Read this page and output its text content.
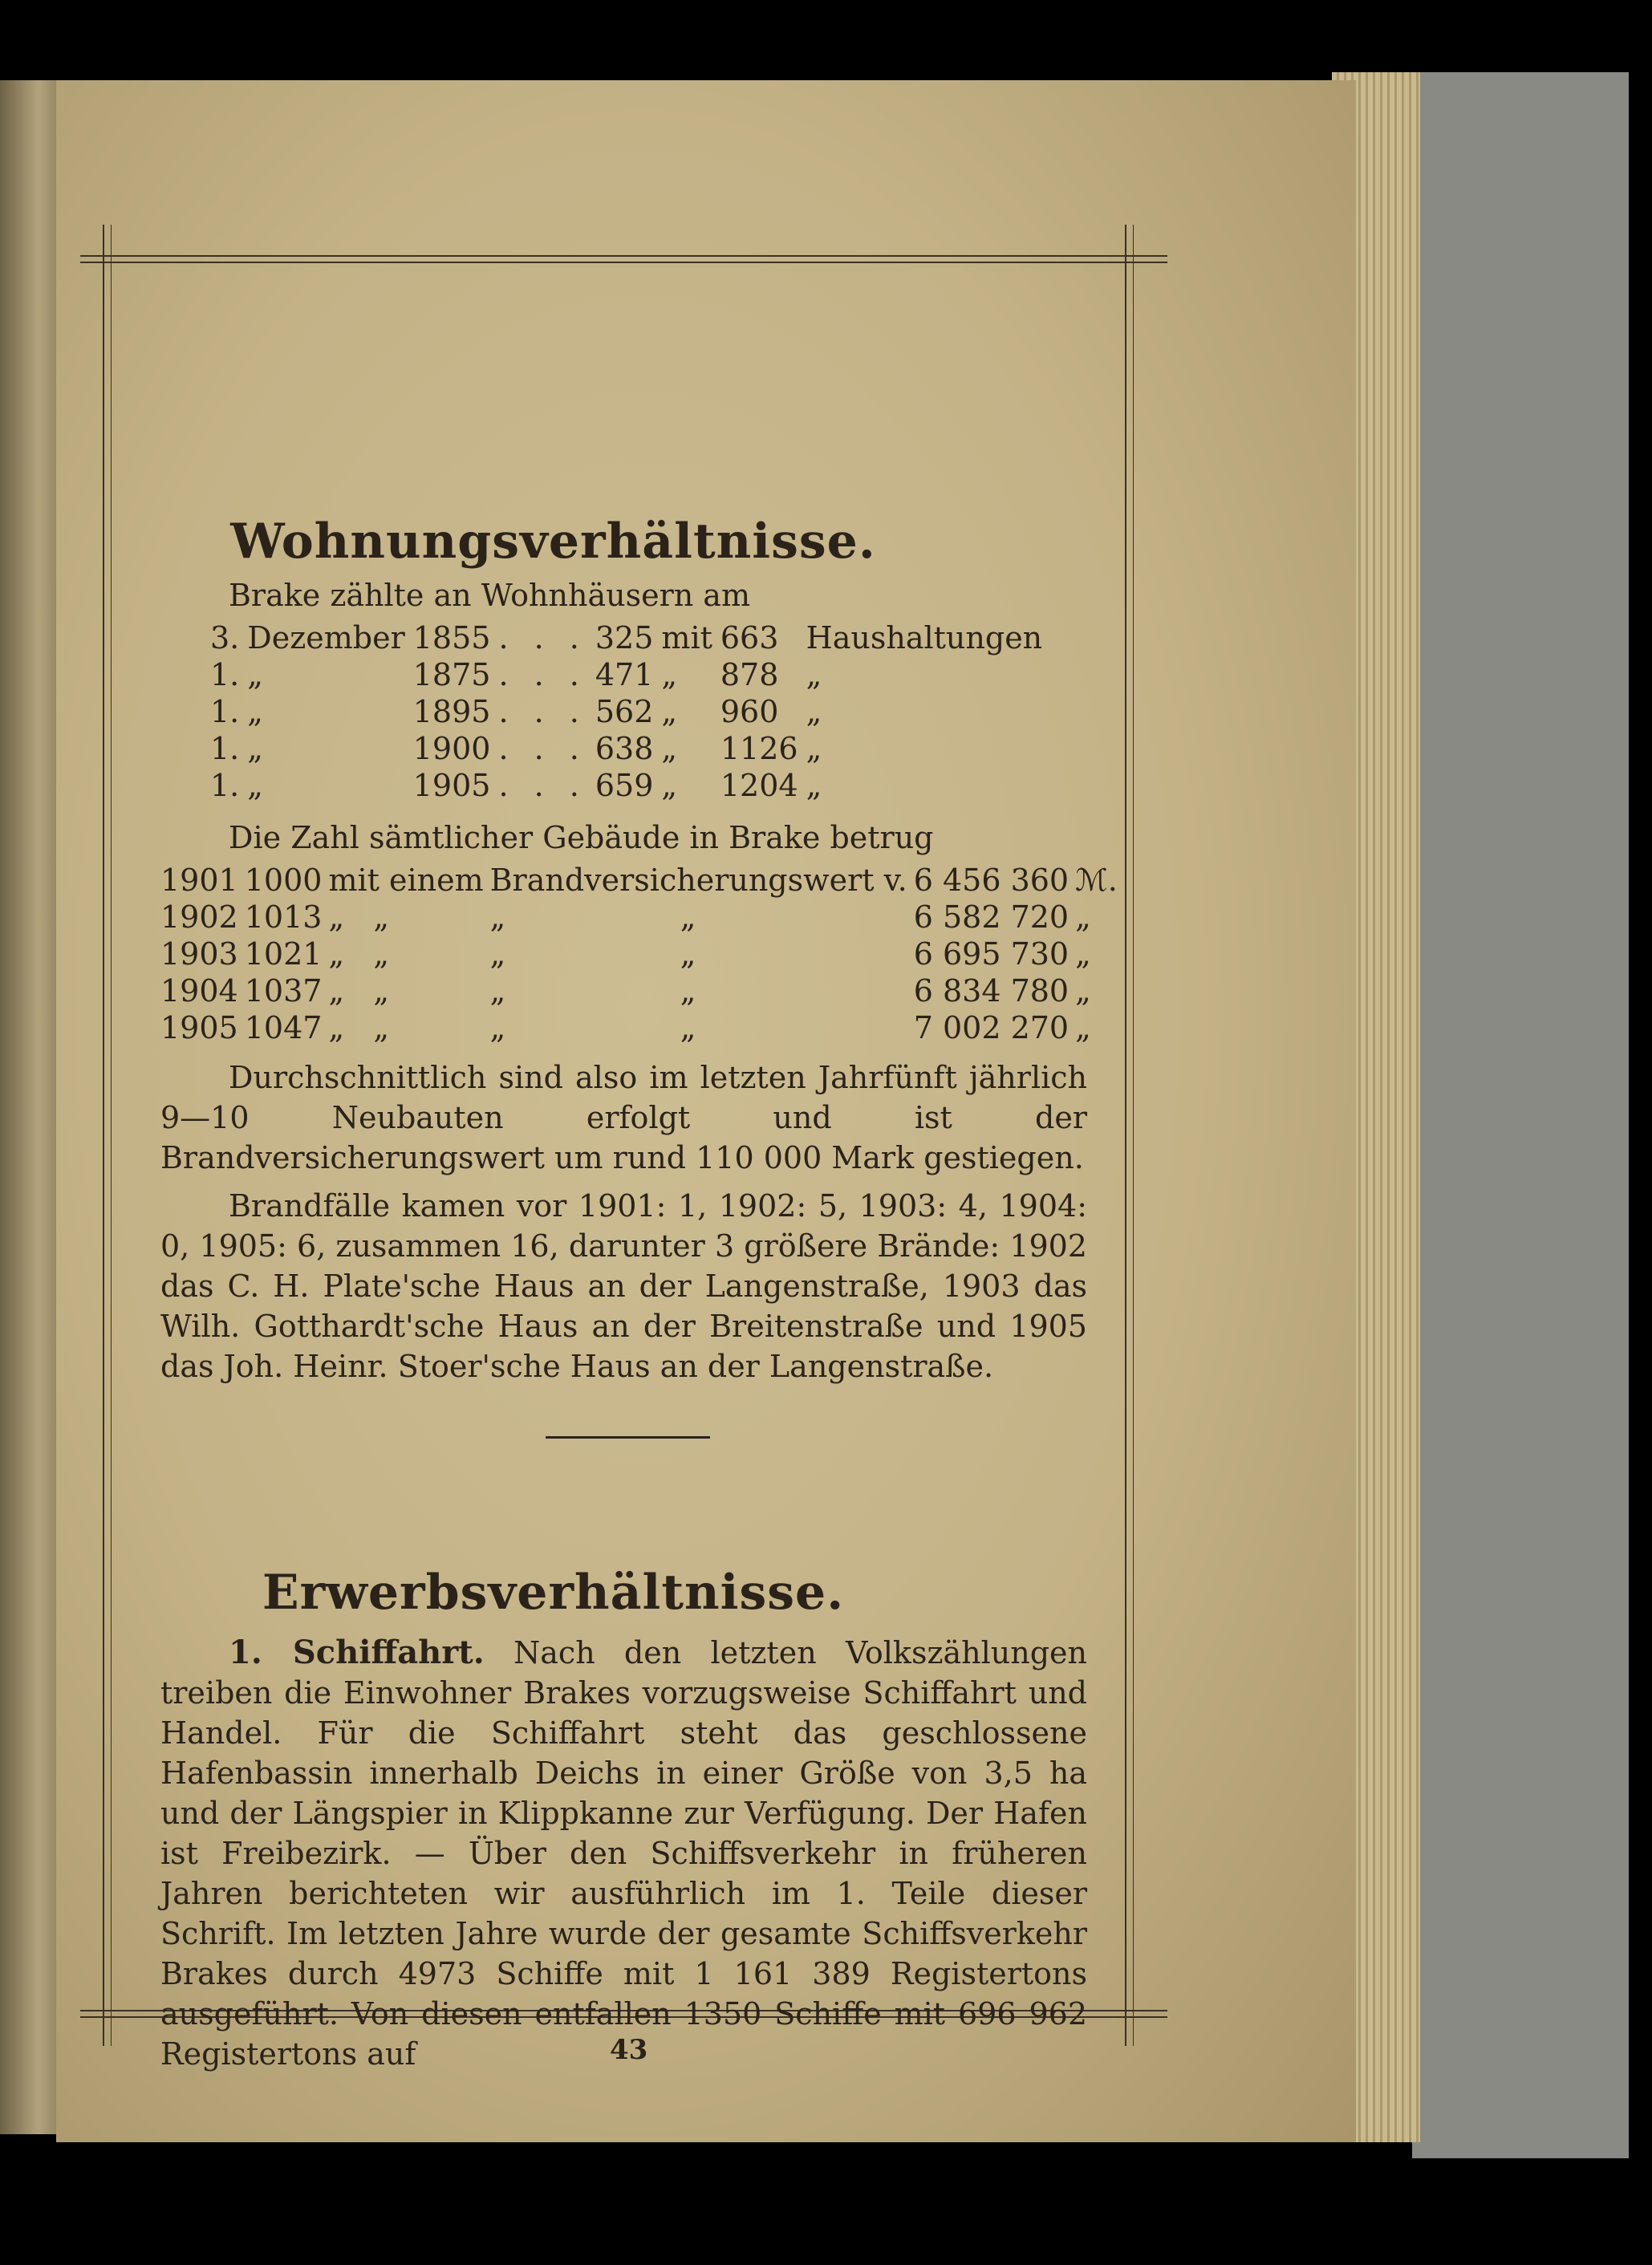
Wohnungsverhältnisse.
Brake zählte an Wohnhäusern am
3.	Dezember	1855	. . .	325	mit	663	Haushaltungen
1.	„	1875	. . .	471	„	878	„
1.	„	1895	. . .	562	„	960	„
1.	„	1900	. . .	638	„	1126	„
1.	„	1905	. . .	659	„	1204	„
Die Zahl sämtlicher Gebäude in Brake betrug
1901	1000	mit einem	Brandversicherungswert v.	6 456 360	ℳ.
1902	1013	„   „	„                  „	6 582 720	„
1903	1021	„   „	„                  „	6 695 730	„
1904	1037	„   „	„                  „	6 834 780	„
1905	1047	„   „	„                  „	7 002 270	„
Durchschnittlich sind also im letzten Jahrfünft jährlich 9—10 Neubauten erfolgt und ist der Brandversicherungswert um rund 110 000 Mark gestiegen.
Brandfälle kamen vor 1901: 1, 1902: 5, 1903: 4, 1904: 0, 1905: 6, zusammen 16, darunter 3 größere Brände: 1902 das C. H. Plate'sche Haus an der Langenstraße, 1903 das Wilh. Gotthardt'sche Haus an der Breitenstraße und 1905 das Joh. Heinr. Stoer'sche Haus an der Langenstraße.
Erwerbsverhältnisse.
1. Schiffahrt. Nach den letzten Volkszählungen treiben die Einwohner Brakes vorzugsweise Schiffahrt und Handel. Für die Schiffahrt steht das geschlossene Hafenbassin innerhalb Deichs in einer Größe von 3,5 ha und der Längspier in Klippkanne zur Verfügung. Der Hafen ist Freibezirk. — Über den Schiffsverkehr in früheren Jahren berichteten wir ausführlich im 1. Teile dieser Schrift. Im letzten Jahre wurde der gesamte Schiffsverkehr Brakes durch 4973 Schiffe mit 1 161 389 Registertons ausgeführt. Von diesen entfallen 1350 Schiffe mit 696 962 Registertons auf	43
